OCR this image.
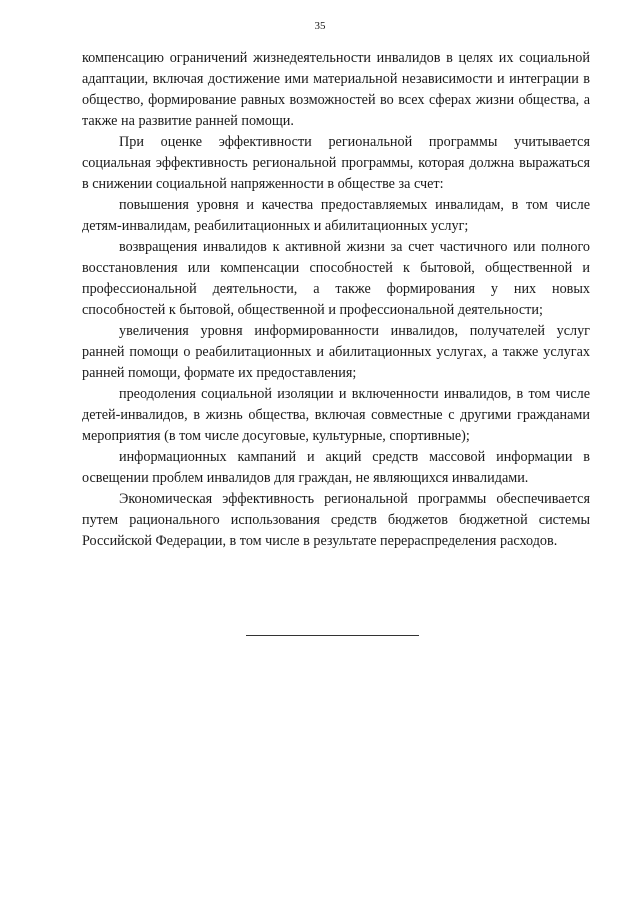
35

компенсацию ограничений жизнедеятельности инвалидов в целях их социальной адаптации, включая достижение ими материальной независимости и интеграции в общество, формирование равных возможностей во всех сферах жизни общества, а также на развитие ранней помощи.

При оценке эффективности региональной программы учитывается социальная эффективность региональной программы, которая должна выражаться в снижении социальной напряженности в обществе за счет:

повышения уровня и качества предоставляемых инвалидам, в том числе детям-инвалидам, реабилитационных и абилитационных услуг;

возвращения инвалидов к активной жизни за счет частичного или полного восстановления или компенсации способностей к бытовой, общественной и профессиональной деятельности, а также формирования у них новых способностей к бытовой, общественной и профессиональной деятельности;

увеличения уровня информированности инвалидов, получателей услуг ранней помощи о реабилитационных и абилитационных услугах, а также услугах ранней помощи, формате их предоставления;

преодоления социальной изоляции и включенности инвалидов, в том числе детей-инвалидов, в жизнь общества, включая совместные с другими гражданами мероприятия (в том числе досуговые, культурные, спортивные);

информационных кампаний и акций средств массовой информации в освещении проблем инвалидов для граждан, не являющихся инвалидами.

Экономическая эффективность региональной программы обеспечивается путем рационального использования средств бюджетов бюджетной системы Российской Федерации, в том числе в результате перераспределения расходов.
